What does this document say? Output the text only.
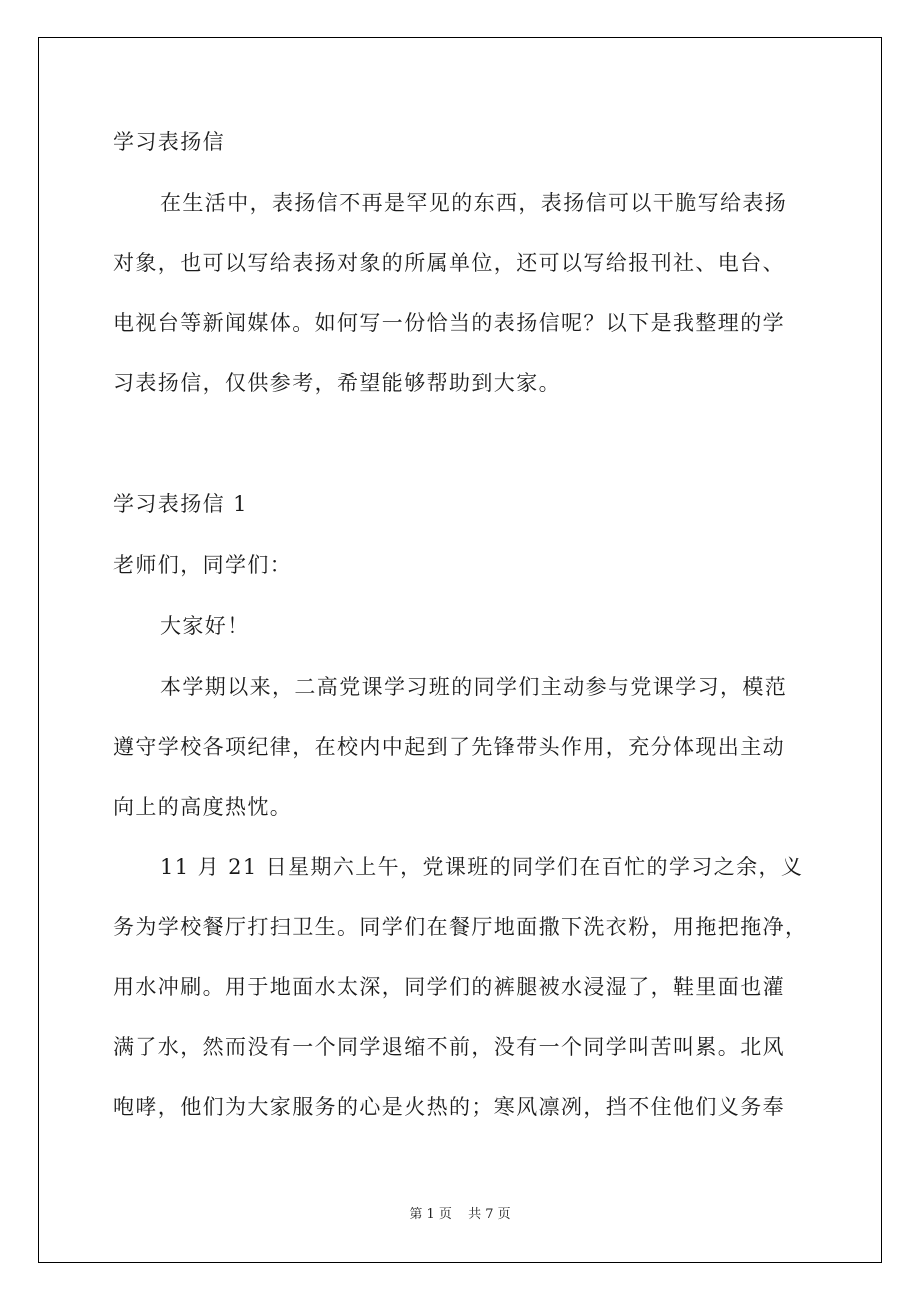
学习表扬信
在生活中，表扬信不再是罕见的东西，表扬信可以干脆写给表扬
对象，也可以写给表扬对象的所属单位，还可以写给报刊社、电台、
电视台等新闻媒体。如何写一份恰当的表扬信呢？以下是我整理的学
习表扬信，仅供参考，希望能够帮助到大家。
学习表扬信 1
老师们，同学们：
大家好！
本学期以来，二高党课学习班的同学们主动参与党课学习，模范
遵守学校各项纪律，在校内中起到了先锋带头作用，充分体现出主动
向上的高度热忱。
11 月 21 日星期六上午，党课班的同学们在百忙的学习之余，义
务为学校餐厅打扫卫生。同学们在餐厅地面撒下洗衣粉，用拖把拖净，
用水冲刷。用于地面水太深，同学们的裤腿被水浸湿了，鞋里面也灌
满了水，然而没有一个同学退缩不前，没有一个同学叫苦叫累。北风
咆哮，他们为大家服务的心是火热的；寒风凛冽，挡不住他们义务奉
第 1 页 共 7 页
